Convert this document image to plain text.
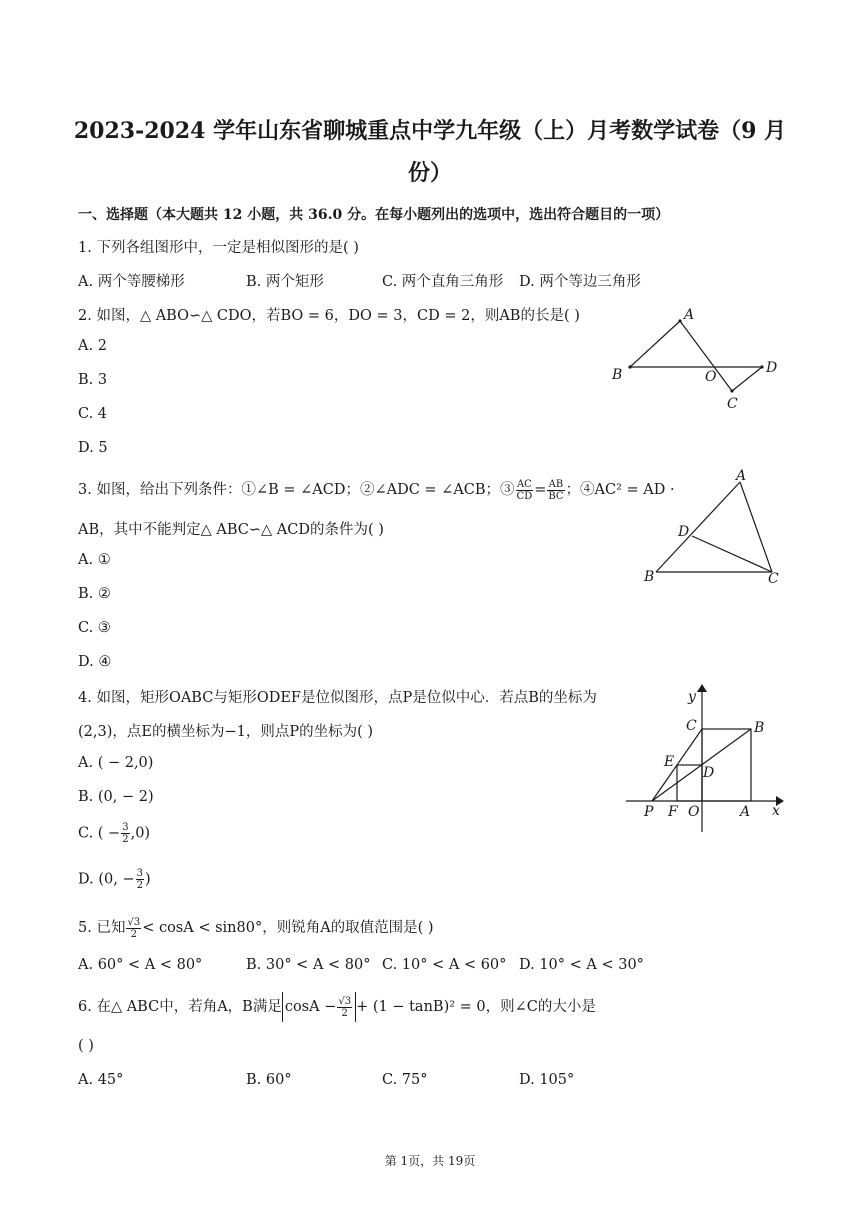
2023-2024 学年山东省聊城重点中学九年级（上）月考数学试卷（9 月
份）
一、选择题（本大题共 12 小题，共 36.0 分。在每小题列出的选项中，选出符合题目的一项）
1. 下列各组图形中，一定是相似图形的是( )
A. 两个等腰梯形	B. 两个矩形	C. 两个直角三角形 D. 两个等边三角形
2. 如图，△ ABO∽△ CDO，若BO = 6，DO = 3，CD = 2，则AB的长是( )
A. 2
B. 3
C. 4
D. 5
A
B	O
D
C
3. 如图，给出下列条件：①∠B = ∠ACD；②∠ADC = ∠ACB；③ $\frac{AC}{CD} = \frac{AB}{BC}$ ；④AC² = AD ·
AB，其中不能判定△ ABC∽△ ACD的条件为( )
A. ①
B. ②
C. ③
D. ④
A
D
B	C
4. 如图，矩形OABC与矩形ODEF是位似图形，点P是位似中心．若点B的坐标为
(2,3)，点E的横坐标为−1，则点P的坐标为( )
A. ( − 2,0)
B. (0, − 2)
C. ( − $\frac{3}{2} ,0$)
D. (0, − $\frac{3}{2}$ )
y
C	B
E
D
P F O	A x
5. 已知 $\frac{√3}{2} < \cos A < \sin 80^\circ$，则锐角A的取值范围是( )
A. 60° < A < 80°	B. 30° < A < 80° C. 10° < A < 60° D. 10° < A < 30°
6. 在△ ABC中，若角A，B满足 $\cos A - \frac{√3}{2} + (1 - \tan B)^2 = 0$，则∠C的大小是
( )
A. 45°	B. 60°	C. 75°	D. 105°
第 1页，共 19页
